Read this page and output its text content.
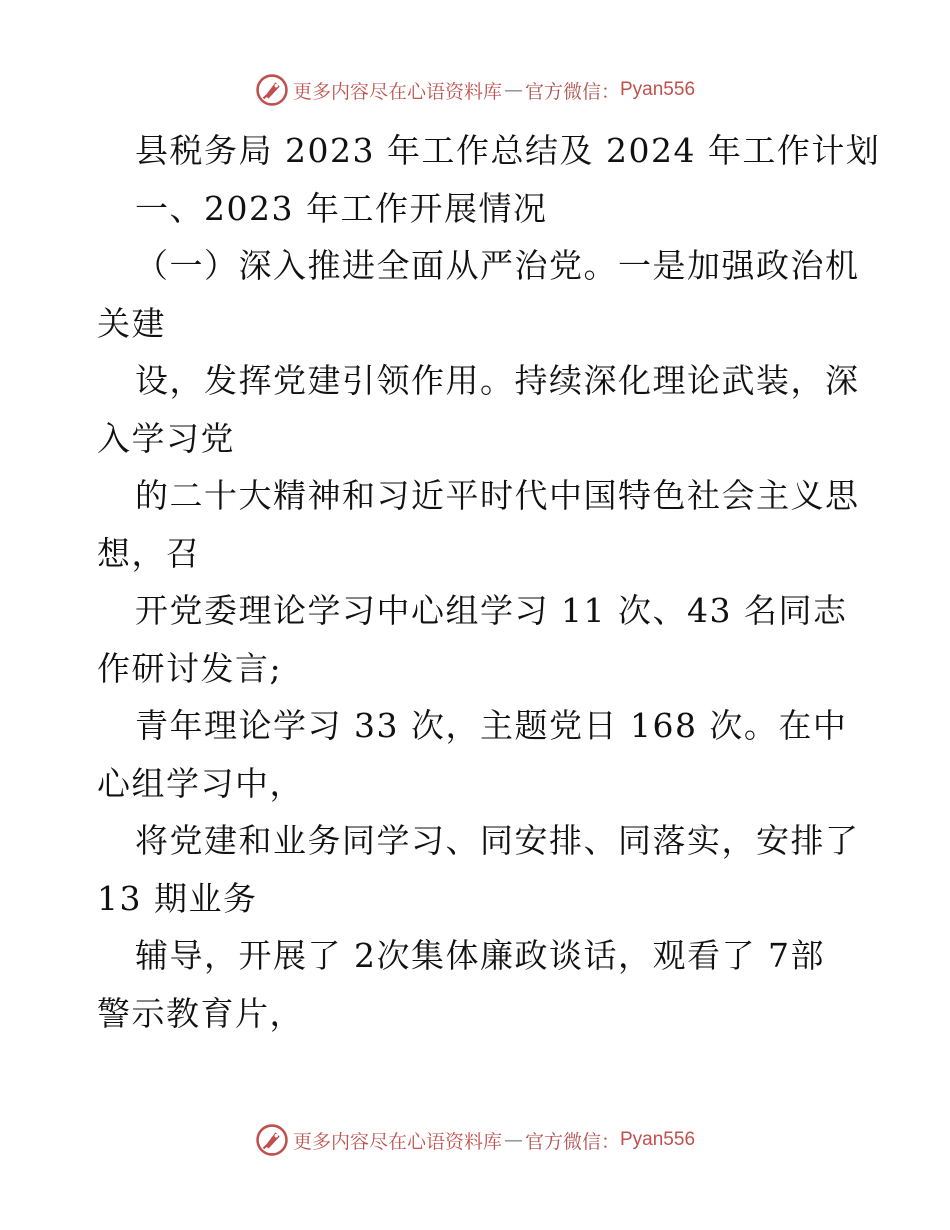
更多内容尽在心语资料库 — 官方微信： Pyan556
县税务局 2023 年工作总结及 2024 年工作计划
一、2023 年工作开展情况
（一）深入推进全面从严治党。一是加强政治机
关建
设，发挥党建引领作用。持续深化理论武装，深
入学习党
的二十大精神和习近平时代中国特色社会主义思
想，召
开党委理论学习中心组学习 11 次、43 名同志
作研讨发言;
青年理论学习 33 次，主题党日 168 次。在中
心组学习中，
将党建和业务同学习、同安排、同落实，安排了
13 期业务
辅导，开展了 2次集体廉政谈话，观看了 7部
警示教育片，
更多内容尽在心语资料库 — 官方微信： Pyan556
